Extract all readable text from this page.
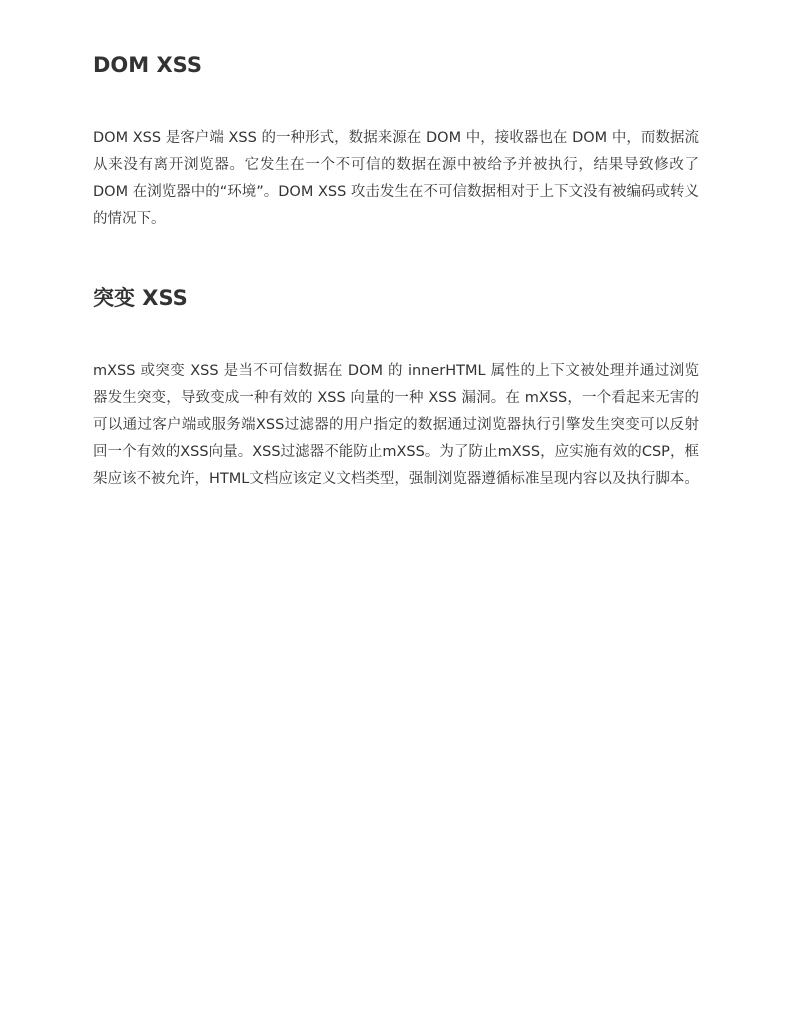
DOM XSS

DOM XSS 是客户端 XSS 的一种形式，数据来源在 DOM 中，接收器也在 DOM 中，而数据流从来没有离开浏览器。它发生在一个不可信的数据在源中被给予并被执行，结果导致修改了 DOM 在浏览器中的“环境”。DOM XSS 攻击发生在不可信数据相对于上下文没有被编码或转义的情况下。

突变 XSS

mXSS 或突变 XSS 是当不可信数据在 DOM 的 innerHTML 属性的上下文被处理并通过浏览器发生突变，导致变成一种有效的 XSS 向量的一种 XSS 漏洞。在 mXSS，一个看起来无害的可以通过客户端或服务端XSS过滤器的用户指定的数据通过浏览器执行引擎发生突变可以反射回一个有效的XSS向量。XSS过滤器不能防止mXSS。为了防止mXSS，应实施有效的CSP，框架应该不被允许，HTML文档应该定义文档类型，强制浏览器遵循标准呈现内容以及执行脚本。
